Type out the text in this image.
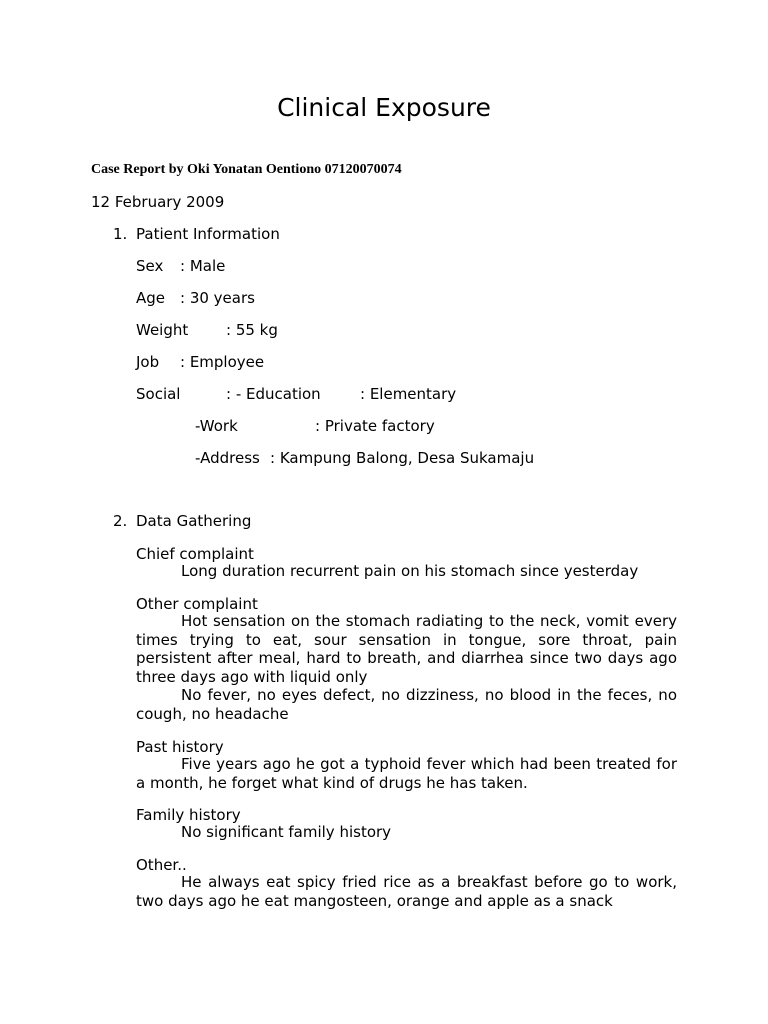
Clinical Exposure
Case Report by Oki Yonatan Oentiono 07120070074
12 February 2009
1. Patient Information
Sex : Male
Age : 30 years
Weight	: 55 kg
Job : Employee
Social	: - Education	: Elementary
-Work	: Private factory
-Address : Kampung Balong, Desa Sukamaju
2. Data Gathering
Chief complaint
Long duration recurrent pain on his stomach since yesterday
Other complaint
Hot sensation on the stomach radiating to the neck, vomit every times trying to eat, sour sensation in tongue, sore throat, pain persistent after meal, hard to breath, and diarrhea since two days ago three days ago with liquid only
No fever, no eyes defect, no dizziness, no blood in the feces, no cough, no headache
Past history
Five years ago he got a typhoid fever which had been treated for a month, he forget what kind of drugs he has taken.
Family history
No significant family history
Other..
He always eat spicy fried rice as a breakfast before go to work, two days ago he eat mangosteen, orange and apple as a snack
